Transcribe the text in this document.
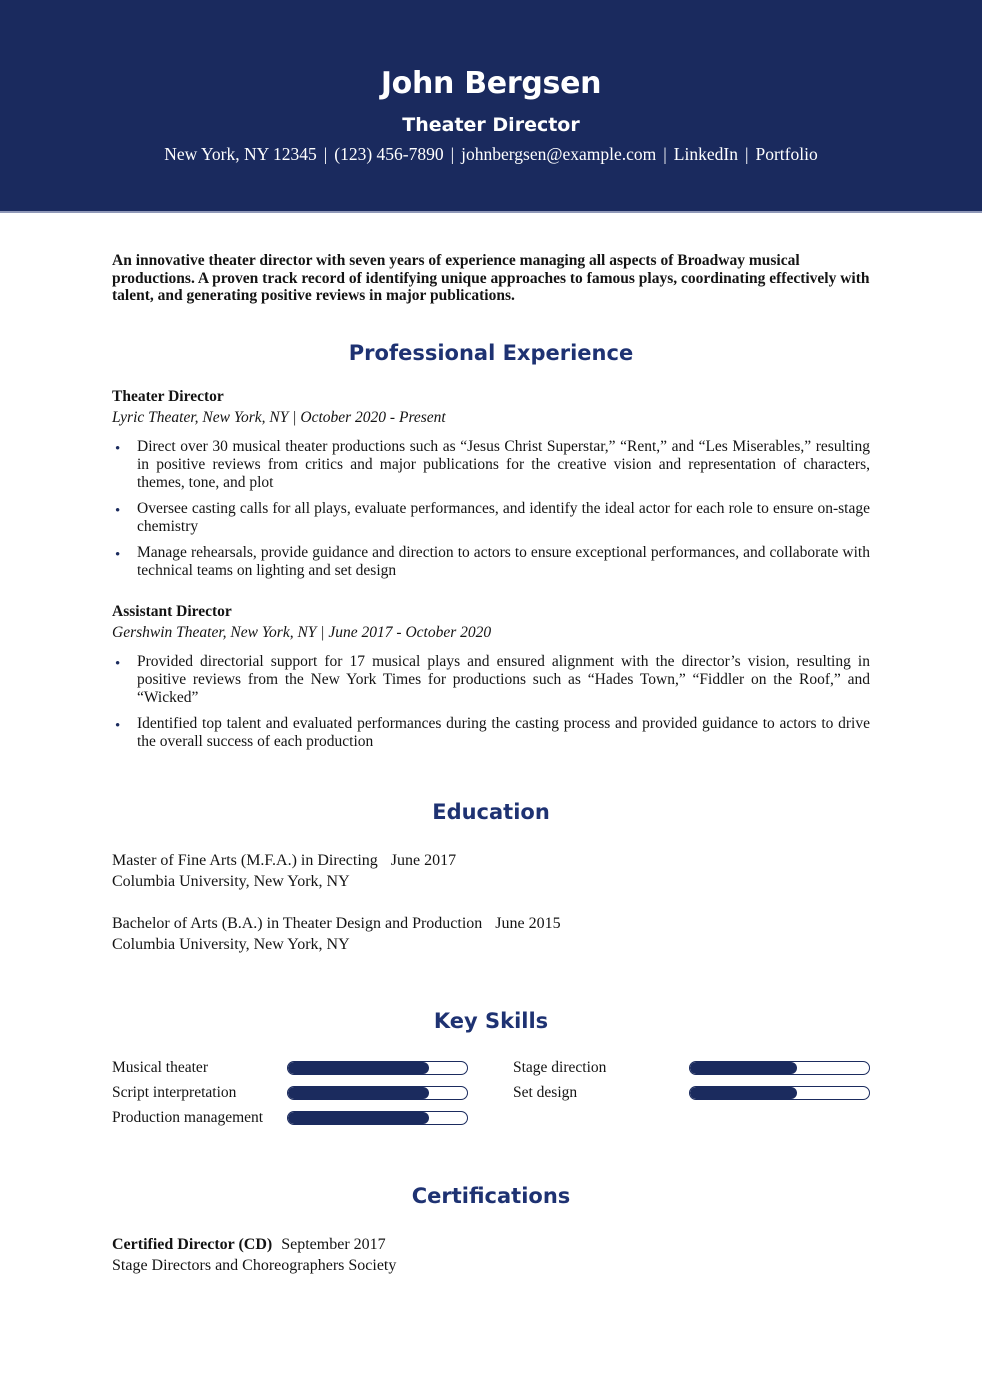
John Bergsen
Theater Director
New York, NY 12345 | (123) 456-7890 | johnbergsen@example.com | LinkedIn | Portfolio

An innovative theater director with seven years of experience managing all aspects of Broadway musical productions. A proven track record of identifying unique approaches to famous plays, coordinating effectively with talent, and generating positive reviews in major publications.

Professional Experience
Theater Director
Lyric Theater, New York, NY | October 2020 - Present
• Direct over 30 musical theater productions such as “Jesus Christ Superstar,” “Rent,” and “Les Miserables,” resulting in positive reviews from critics and major publications for the creative vision and representation of characters, themes, tone, and plot
• Oversee casting calls for all plays, evaluate performances, and identify the ideal actor for each role to ensure on-stage chemistry
• Manage rehearsals, provide guidance and direction to actors to ensure exceptional performances, and collaborate with technical teams on lighting and set design
Assistant Director
Gershwin Theater, New York, NY | June 2017 - October 2020
• Provided directorial support for 17 musical plays and ensured alignment with the director’s vision, resulting in positive reviews from the New York Times for productions such as “Hades Town,” “Fiddler on the Roof,” and “Wicked”
• Identified top talent and evaluated performances during the casting process and provided guidance to actors to drive the overall success of each production
Education
Master of Fine Arts (M.F.A.) in Directing June 2017
Columbia University, New York, NY
Bachelor of Arts (B.A.) in Theater Design and Production June 2015
Columbia University, New York, NY
Key Skills
Musical theater
Script interpretation
Production management
Stage direction
Set design
Certifications
Certified Director (CD) September 2017
Stage Directors and Choreographers Society
